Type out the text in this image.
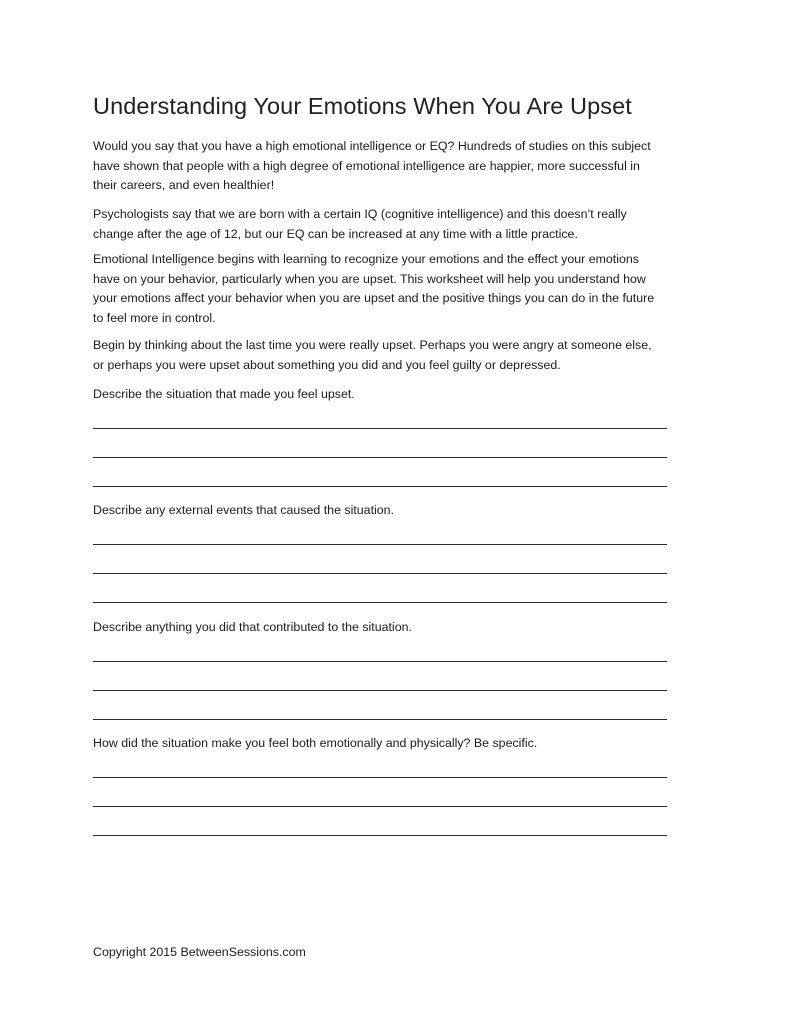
Understanding Your Emotions When You Are Upset

Would you say that you have a high emotional intelligence or EQ? Hundreds of studies on this subject
have shown that people with a high degree of emotional intelligence are happier, more successful in
their careers, and even healthier!

Psychologists say that we are born with a certain IQ (cognitive intelligence) and this doesn’t really
change after the age of 12, but our EQ can be increased at any time with a little practice.

Emotional Intelligence begins with learning to recognize your emotions and the effect your emotions
have on your behavior, particularly when you are upset. This worksheet will help you understand how
your emotions affect your behavior when you are upset and the positive things you can do in the future
to feel more in control.

Begin by thinking about the last time you were really upset. Perhaps you were angry at someone else,
or perhaps you were upset about something you did and you feel guilty or depressed.

Describe the situation that made you feel upset.

Describe any external events that caused the situation.

Describe anything you did that contributed to the situation.

How did the situation make you feel both emotionally and physically? Be specific.

Copyright 2015 BetweenSessions.com
